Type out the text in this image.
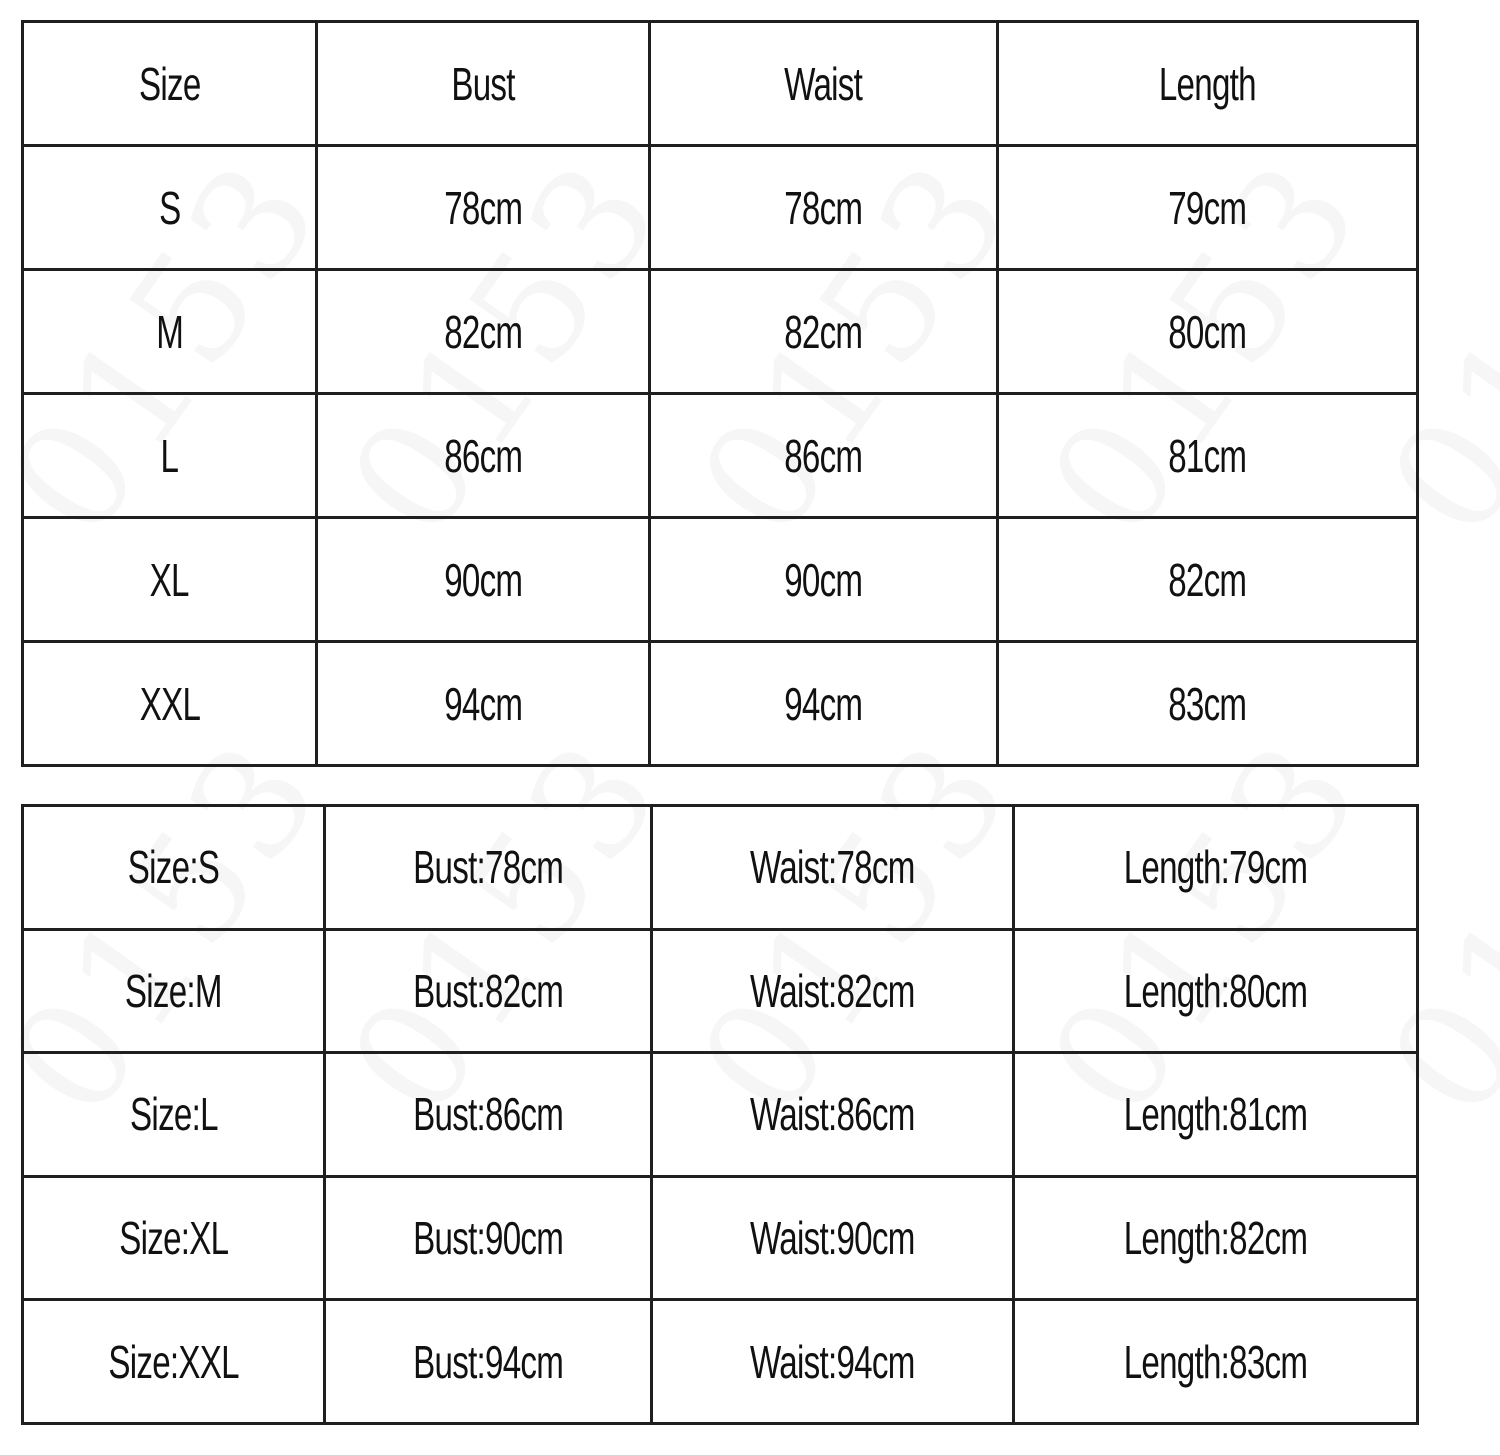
Size	Bust	Waist	Length
S	78cm	78cm	79cm
M	82cm	82cm	80cm
L	86cm	86cm	81cm
XL	90cm	90cm	82cm
XXL	94cm	94cm	83cm
Size:S	Bust:78cm	Waist:78cm	Length:79cm
Size:M	Bust:82cm	Waist:82cm	Length:80cm
Size:L	Bust:86cm	Waist:86cm	Length:81cm
Size:XL	Bust:90cm	Waist:90cm	Length:82cm
Size:XXL	Bust:94cm	Waist:94cm	Length:83cm
